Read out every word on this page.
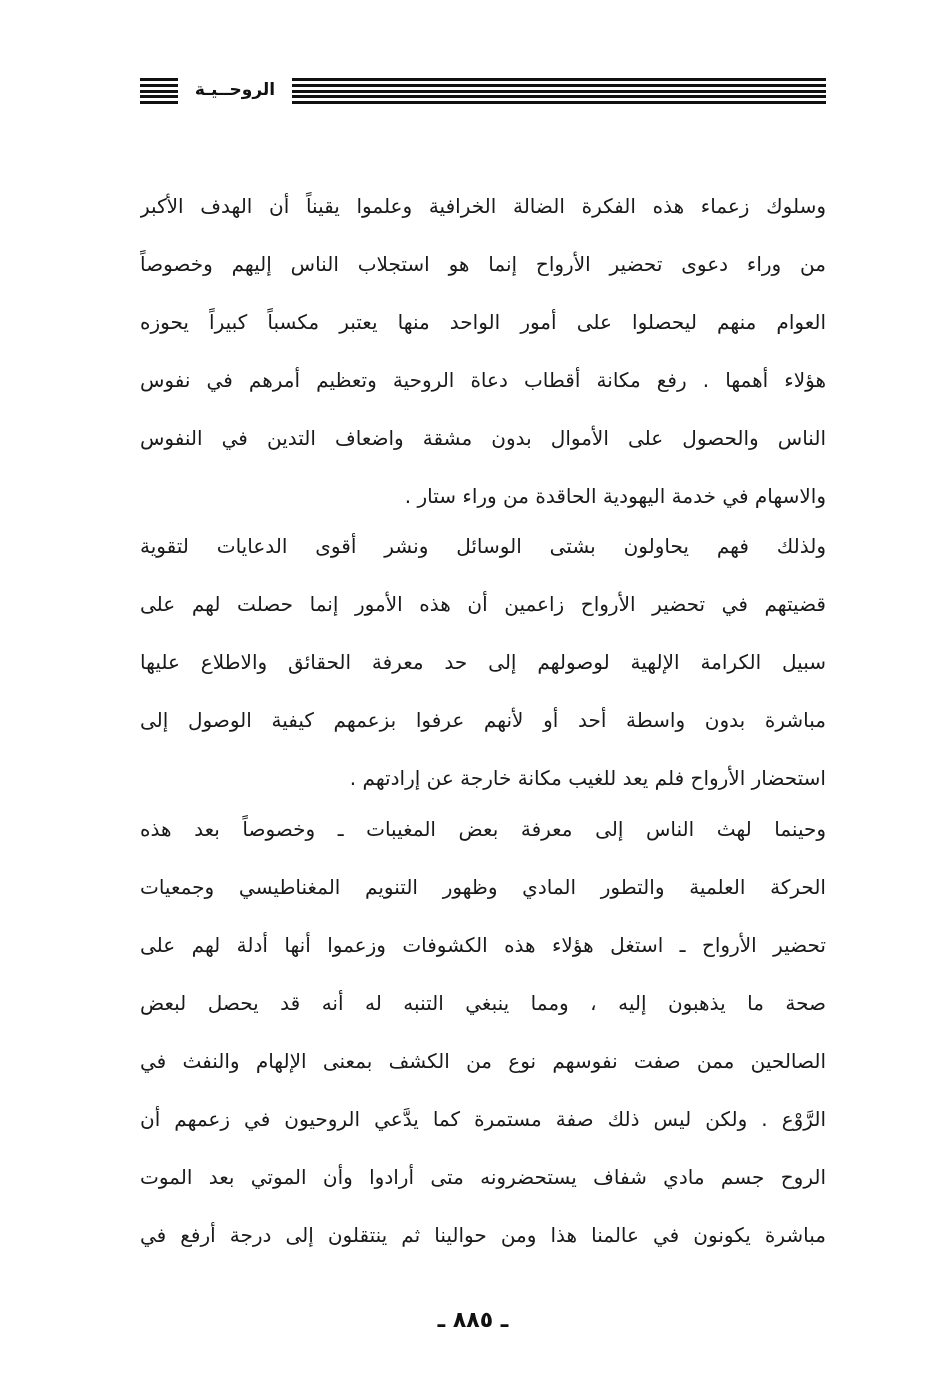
الروحــيـة
وسلوك زعماء هذه الفكرة الضالة الخرافية وعلموا يقيناً أن الهدف الأكبر
من وراء دعوى تحضير الأرواح إنما هو استجلاب الناس إليهم وخصوصاً
العوام منهم ليحصلوا على أمور الواحد منها يعتبر مكسباً كبيراً يحوزه
هؤلاء أهمها . رفع مكانة أقطاب دعاة الروحية وتعظيم أمرهم في نفوس
الناس والحصول على الأموال بدون مشقة واضعاف التدين في النفوس
والاسهام في خدمة اليهودية الحاقدة من وراء ستار .
ولذلك فهم يحاولون بشتى الوسائل ونشر أقوى الدعايات لتقوية
قضيتهم في تحضير الأرواح زاعمين أن هذه الأمور إنما حصلت لهم على
سبيل الكرامة الإلهية لوصولهم إلى حد معرفة الحقائق والاطلاع عليها
مباشرة بدون واسطة أحد أو لأنهم عرفوا بزعمهم كيفية الوصول إلى
استحضار الأرواح فلم يعد للغيب مكانة خارجة عن إرادتهم .
وحينما لهث الناس إلى معرفة بعض المغيبات ـ وخصوصاً بعد هذه
الحركة العلمية والتطور المادي وظهور التنويم المغناطيسي وجمعيات
تحضير الأرواح ـ استغل هؤلاء هذه الكشوفات وزعموا أنها أدلة لهم على
صحة ما يذهبون إليه ، ومما ينبغي التنبه له أنه قد يحصل لبعض
الصالحين ممن صفت نفوسهم نوع من الكشف بمعنى الإلهام والنفث في
الرَّوْع . ولكن ليس ذلك صفة مستمرة كما يدَّعي الروحيون في زعمهم أن
الروح جسم مادي شفاف يستحضرونه متى أرادوا وأن الموتي بعد الموت
مباشرة يكونون في عالمنا هذا ومن حوالينا ثم ينتقلون إلى درجة أرفع في
ـ ٨٨٥ ـ
